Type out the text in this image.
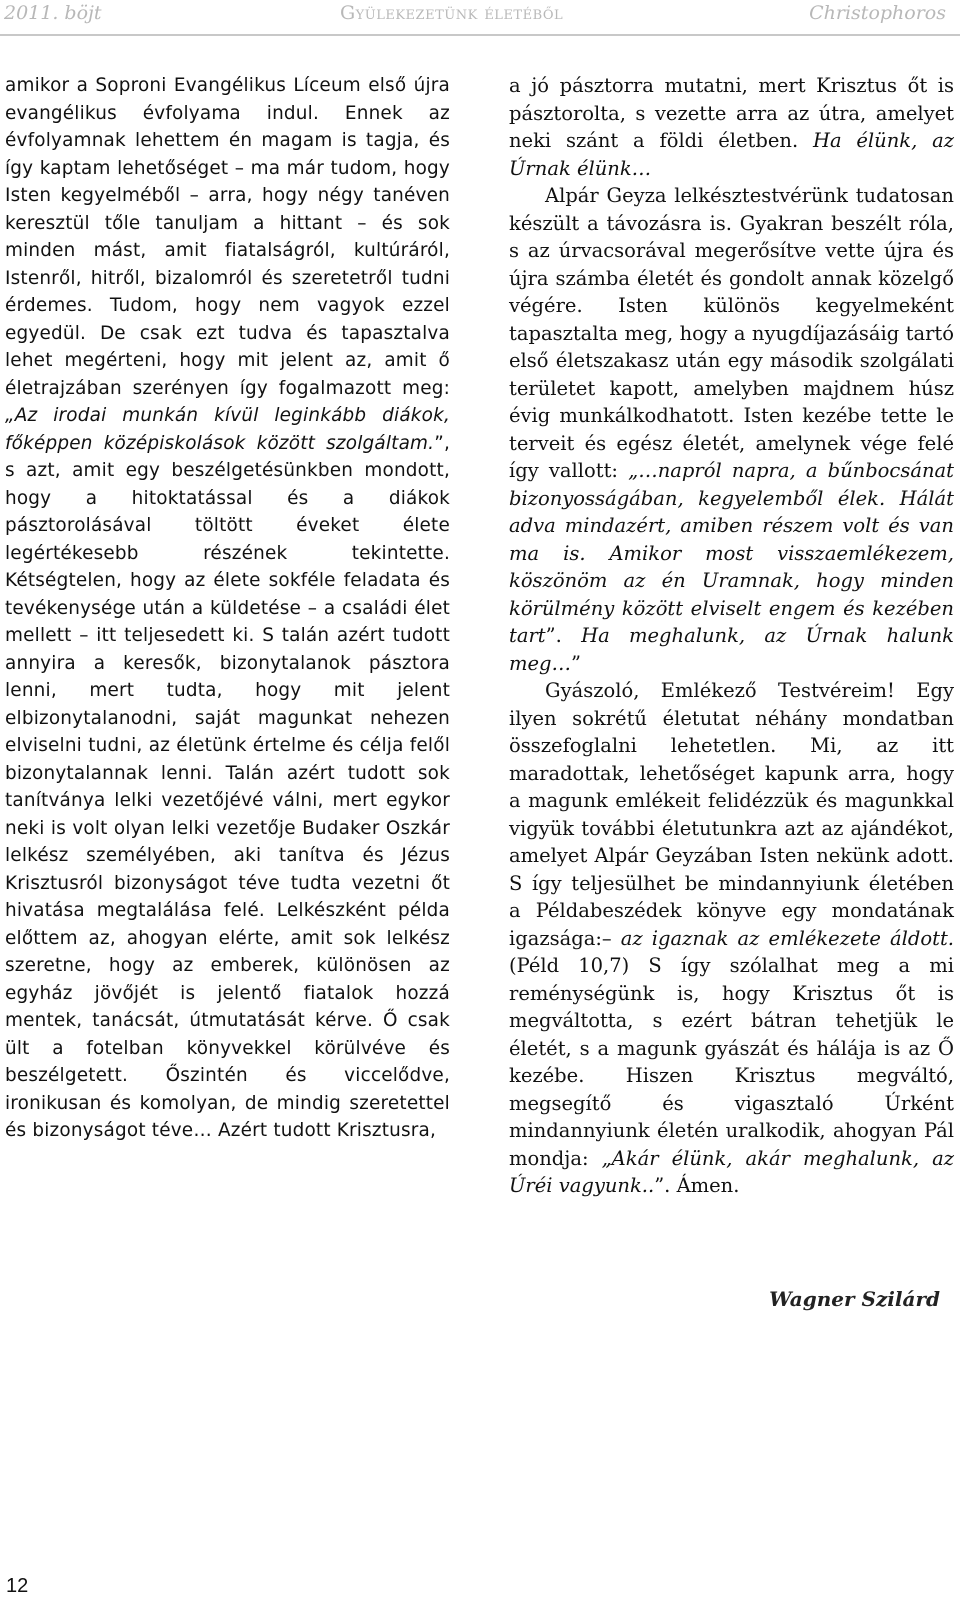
2011. böjt	Gyülekezetünk életéből	Christophoros

amikor a Soproni Evangélikus Líceum első újra evangélikus évfolyama indul. Ennek az évfolyamnak lehettem én magam is tagja, és így kaptam lehetőséget – ma már tudom, hogy Isten kegyelméből – arra, hogy négy tanéven keresztül tőle tanuljam a hittant – és sok minden mást, amit fiatalságról, kultúráról, Istenről, hitről, bizalomról és szeretetről tudni érdemes. Tudom, hogy nem vagyok ezzel egyedül. De csak ezt tudva és tapasztalva lehet megérteni, hogy mit jelent az, amit ő életrajzában szerényen így fogalmazott meg: „Az irodai munkán kívül leginkább diákok, főképpen középiskolások között szolgáltam.”, s azt, amit egy beszélgetésünkben mondott, hogy a hitoktatással és a diákok pásztorolásával töltött éveket élete legértékesebb részének tekintette. Kétségtelen, hogy az élete sokféle feladata és tevékenysége után a küldetése – a családi élet mellett – itt teljesedett ki. S talán azért tudott annyira a keresők, bizonytalanok pásztora lenni, mert tudta, hogy mit jelent elbizonytalanodni, saját magunkat nehezen elviselni tudni, az életünk értelme és célja felől bizonytalannak lenni. Talán azért tudott sok tanítványa lelki vezetőjévé válni, mert egykor neki is volt olyan lelki vezetője Budaker Oszkár lelkész személyében, aki tanítva és Jézus Krisztusról bizonyságot téve tudta vezetni őt hivatása megtalálása felé. Lelkészként példa előttem az, ahogyan elérte, amit sok lelkész szeretne, hogy az emberek, különösen az egyház jövőjét is jelentő fiatalok hozzá mentek, tanácsát, útmutatását kérve. Ő csak ült a fotelban könyvekkel körülvéve és beszélgetett. Őszintén és viccelődve, ironikusan és komolyan, de mindig szeretettel és bizonyságot téve… Azért tudott Krisztusra,

a jó pásztorra mutatni, mert Krisztus őt is pásztorolta, s vezette arra az útra, amelyet neki szánt a földi életben. Ha élünk, az Úrnak élünk…

Alpár Geyza lelkésztestvérünk tudatosan készült a távozásra is. Gyakran beszélt róla, s az úrvacsorával megerősítve vette újra és újra számba életét és gondolt annak közelgő végére. Isten különös kegyelmeként tapasztalta meg, hogy a nyugdíjazásáig tartó első életszakasz után egy második szolgálati területet kapott, amelyben majdnem húsz évig munkálkodhatott. Isten kezébe tette le terveit és egész életét, amelynek vége felé így vallott: „…napról napra, a bűnbocsánat bizonyosságában, kegyelemből élek. Hálát adva mindazért, amiben részem volt és van ma is. Amikor most visszaemlékezem, köszönöm az én Uramnak, hogy minden körülmény között elviselt engem és kezében tart”. Ha meghalunk, az Úrnak halunk meg…”

Gyászoló, Emlékező Testvéreim! Egy ilyen sokrétű életutat néhány mondatban összefoglalni lehetetlen. Mi, az itt maradottak, lehetőséget kapunk arra, hogy a magunk emlékeit felidézzük és magunkkal vigyük további életutunkra azt az ajándékot, amelyet Alpár Geyzában Isten nekünk adott. S így teljesülhet be mindannyiunk életében a Példabeszédek könyve egy mondatának igazsága:– az igaznak az emlékezete áldott. (Péld 10,7) S így szólalhat meg a mi reménységünk is, hogy Krisztus őt is megváltotta, s ezért bátran tehetjük le életét, s a magunk gyászát és hálája is az Ő kezébe. Hiszen Krisztus megváltó, megsegítő és vigasztaló Úrként mindannyiunk életén uralkodik, ahogyan Pál mondja: „Akár élünk, akár meghalunk, az Úréi vagyunk..”. Ámen.

Wagner Szilárd
12
